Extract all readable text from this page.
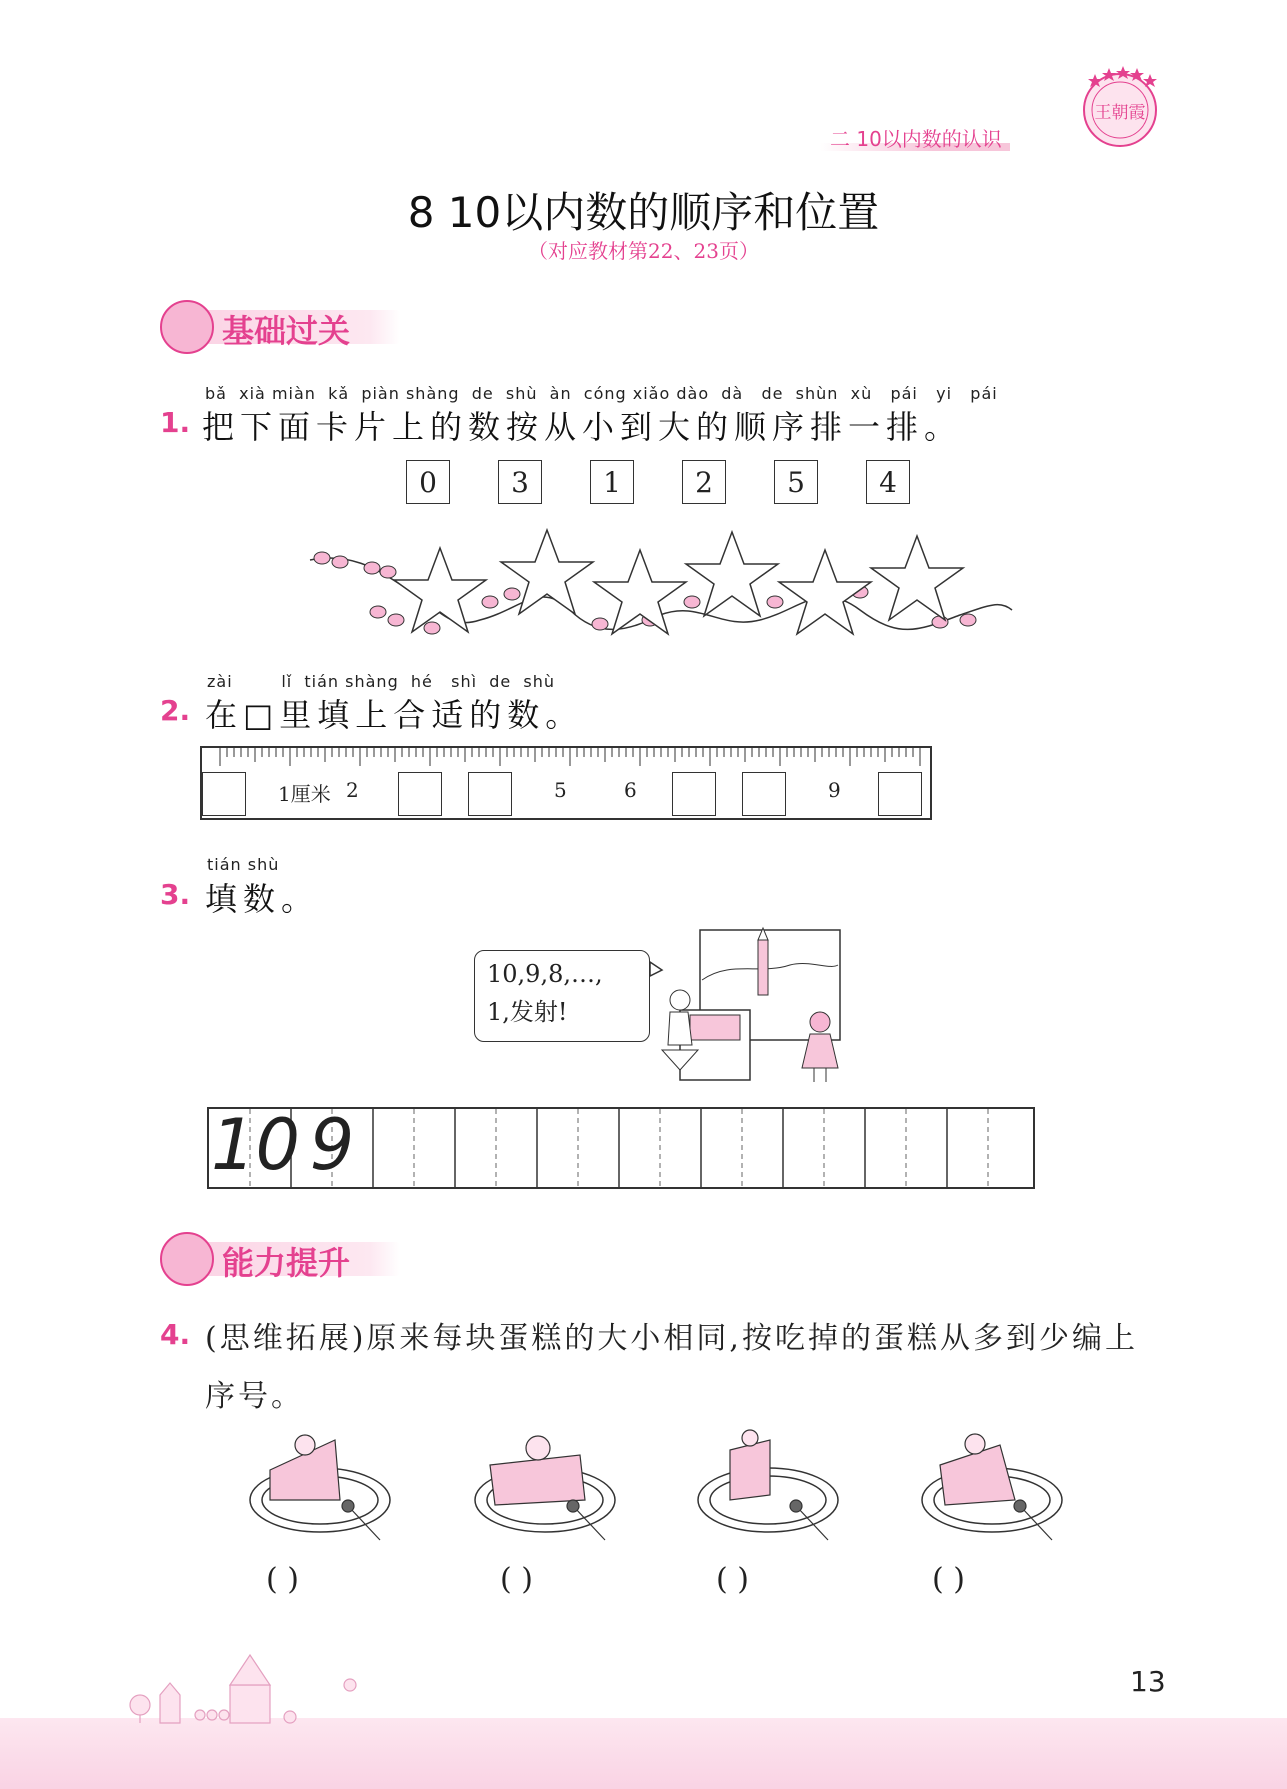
二 10以内数的认识
王朝霞
8 10以内数的顺序和位置
（对应教材第22、23页）
基础过关
bǎ  xià miàn  kǎ  piàn shàng  de  shù  àn  cóng xiǎo dào  dà   de  shùn  xù   pái   yi   pái
1. 把下面卡片上的数按从小到大的顺序排一排。
0	3	1	2	5	4
zài        lǐ  tián shàng  hé   shì  de  shù
2. 在□里填上合适的数。
1厘米 2	5	6	9
tián shù
3. 填数。
10,9,8,…,
1,发射!
10 9
能力提升
4. (思维拓展)原来每块蛋糕的大小相同,按吃掉的蛋糕从多到少编上序号。
( )	( )	( )	( )
13
